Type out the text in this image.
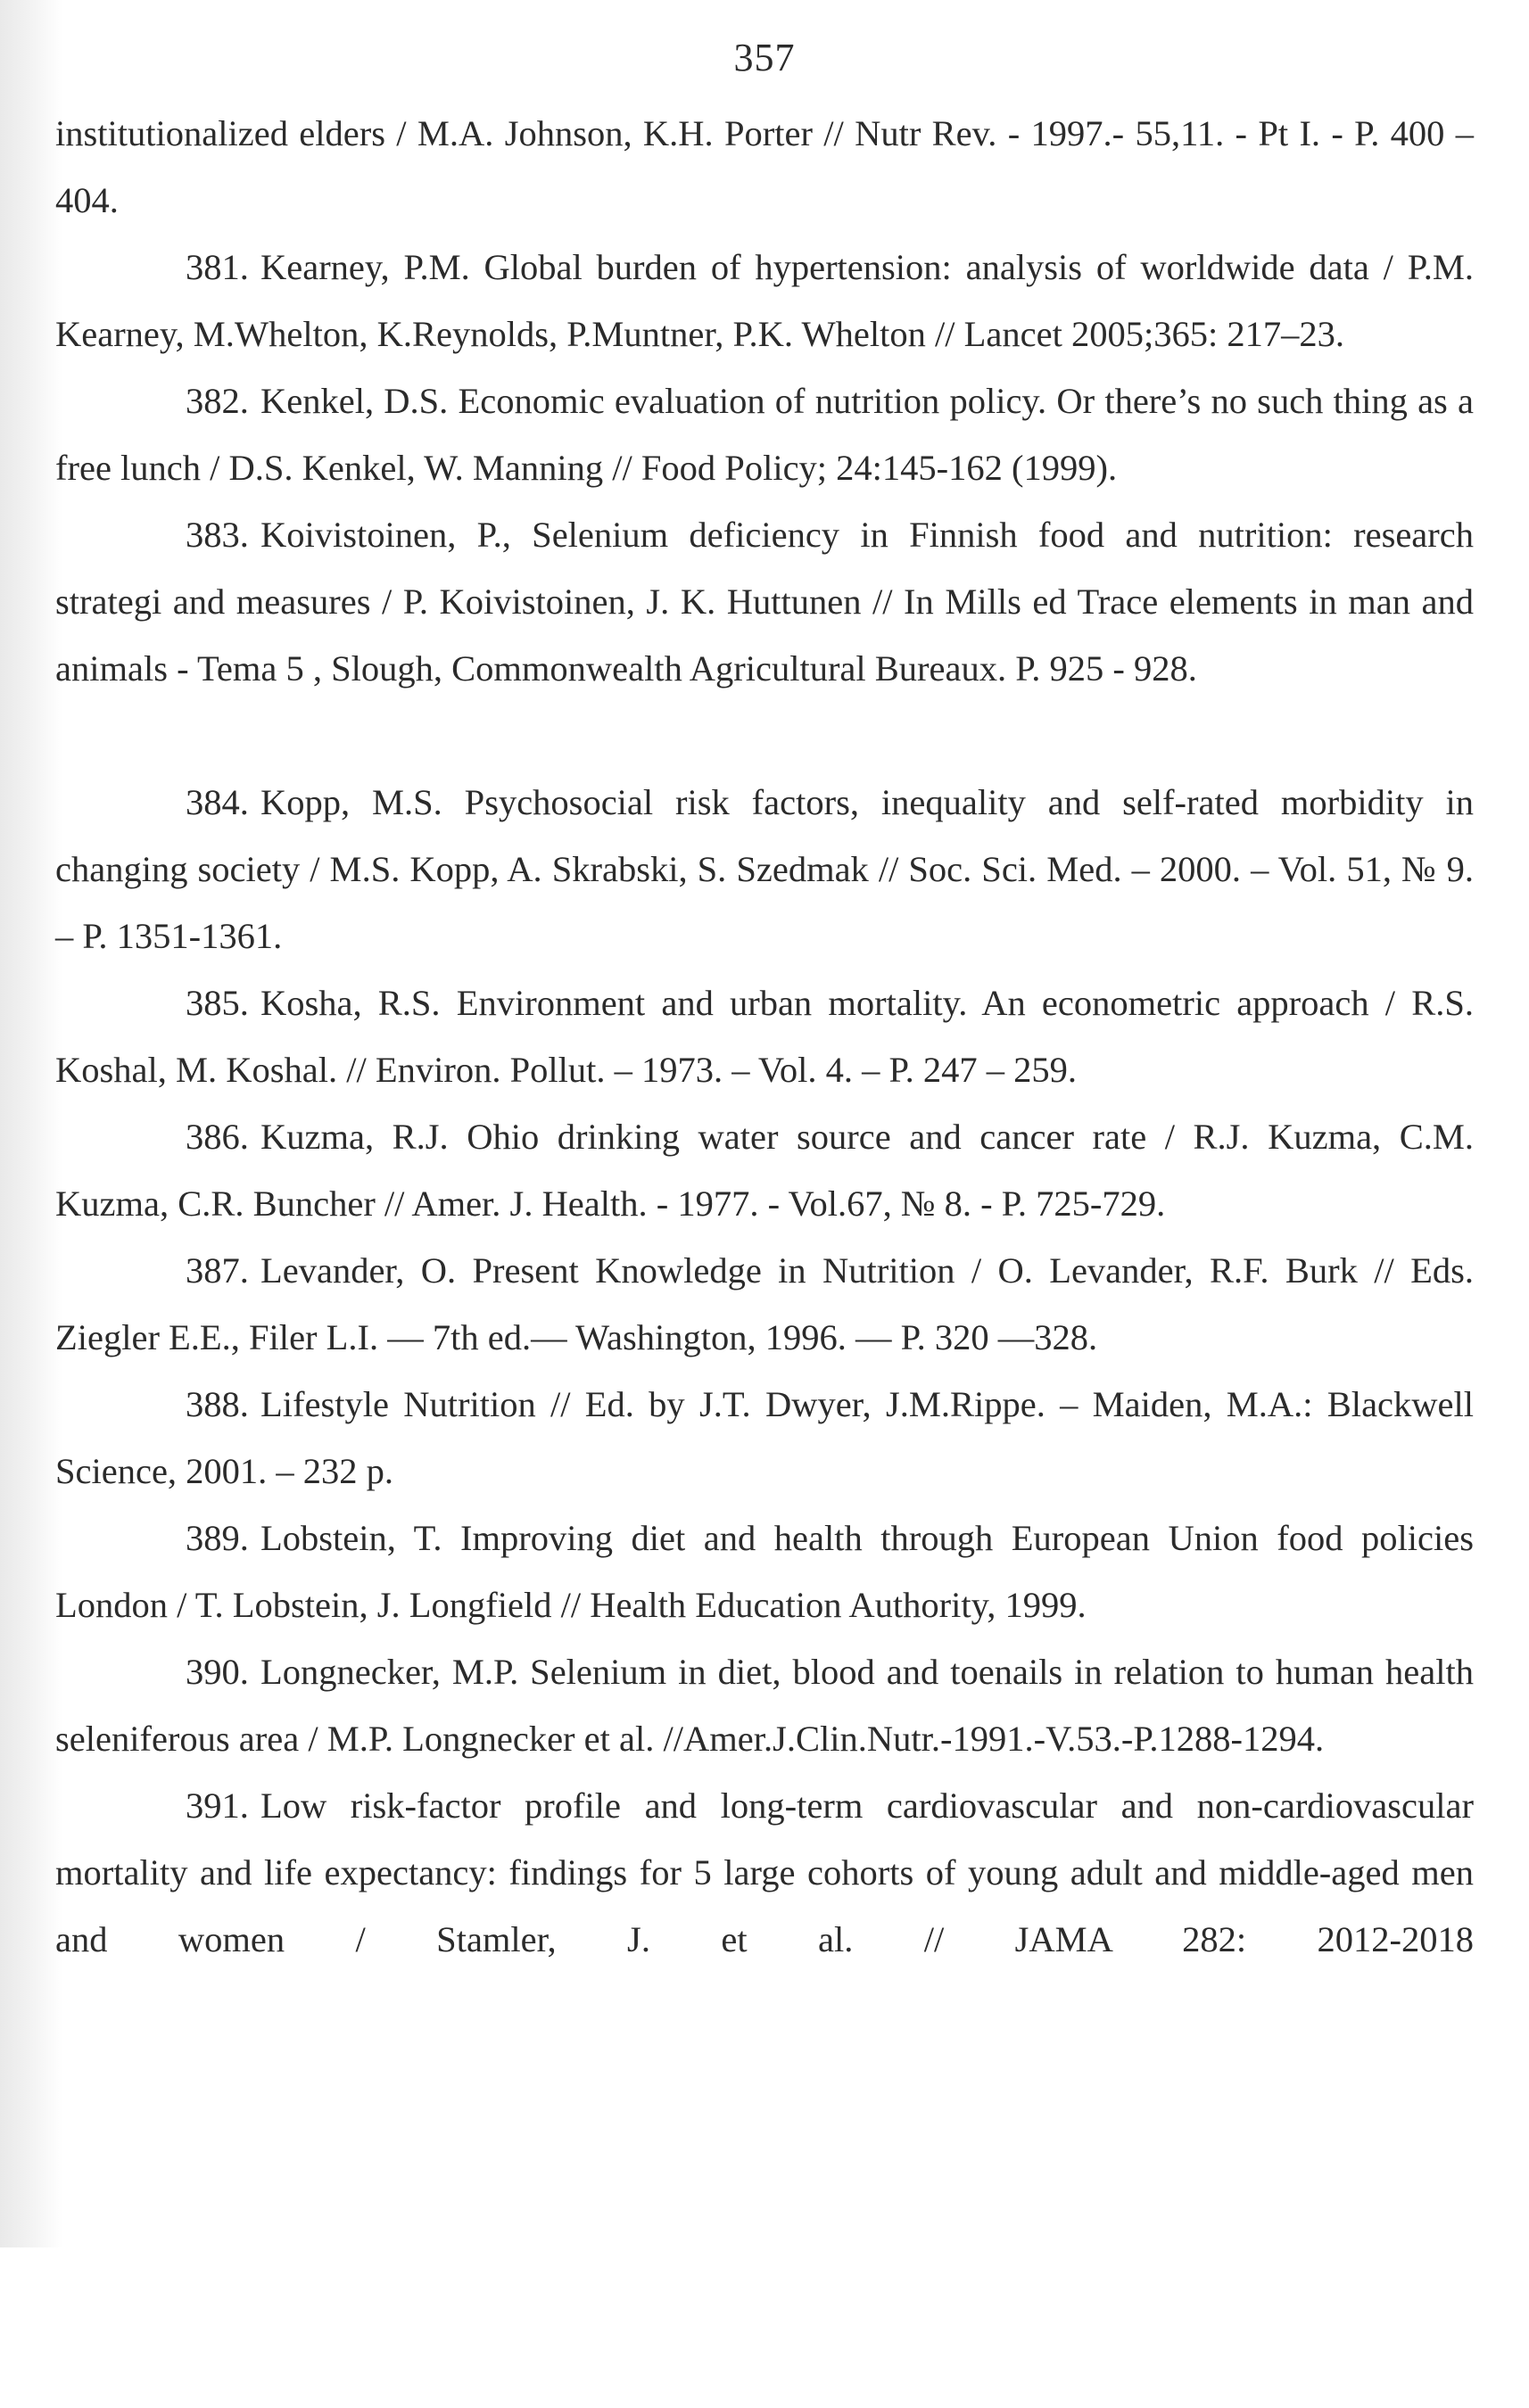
357

institutionalized elders / M.A. Johnson, K.H. Porter // Nutr Rev. - 1997.- 55,11. - Pt I. - P. 400 – 404.

381. Kearney, P.M. Global burden of hypertension: analysis of worldwide data / P.M. Kearney, M.Whelton, K.Reynolds, P.Muntner, P.K. Whelton // Lancet 2005;365: 217–23.

382. Kenkel, D.S. Economic evaluation of nutrition policy. Or there’s no such thing as a free lunch / D.S. Kenkel, W. Manning // Food Policy; 24:145-162 (1999).

383. Koivistoinen, P., Selenium deficiency in Finnish food and nutrition: research strategi and measures / P. Koivistoinen, J. K. Huttunen // In Mills ed Trace elements in man and animals - Tema 5 , Slough, Commonwealth Agricultural Bureaux. P. 925 - 928.

384. Kopp, M.S. Psychosocial risk factors, inequality and self-rated morbidity in changing society / M.S. Kopp, A. Skrabski, S. Szedmak // Soc. Sci. Med. – 2000. – Vol. 51, № 9. – P. 1351-1361.

385. Kosha, R.S. Environment and urban mortality. An econometric approach / R.S. Koshal, M. Koshal. // Environ. Pollut. – 1973. – Vol. 4. – P. 247 – 259.

386. Kuzma, R.J. Ohio drinking water source and cancer rate / R.J. Kuzma, C.M. Kuzma, C.R. Buncher // Amer. J. Health. - 1977. - Vol.67, № 8. - P. 725-729.

387. Levander, O. Present Knowledge in Nutrition / O. Levander, R.F. Burk // Eds. Ziegler E.E., Filer L.I. — 7th ed.— Washington, 1996. — P. 320 —328.

388. Lifestyle Nutrition // Ed. by J.T. Dwyer, J.M.Rippe. – Maiden, M.A.: Blackwell Science, 2001. – 232 p.

389. Lobstein, T. Improving diet and health through European Union food policies London / T. Lobstein, J. Longfield // Health Education Authority, 1999.

390. Longnecker, M.P. Selenium in diet, blood and toenails in relation to human health seleniferous area / M.P. Longnecker et al. //Amer.J.Clin.Nutr.-1991.-V.53.-P.1288-1294.

391. Low risk-factor profile and long-term cardiovascular and non-cardiovascular mortality and life expectancy: findings for 5 large cohorts of young adult and middle-aged men and women / Stamler, J. et al. // JAMA 282: 2012-2018
